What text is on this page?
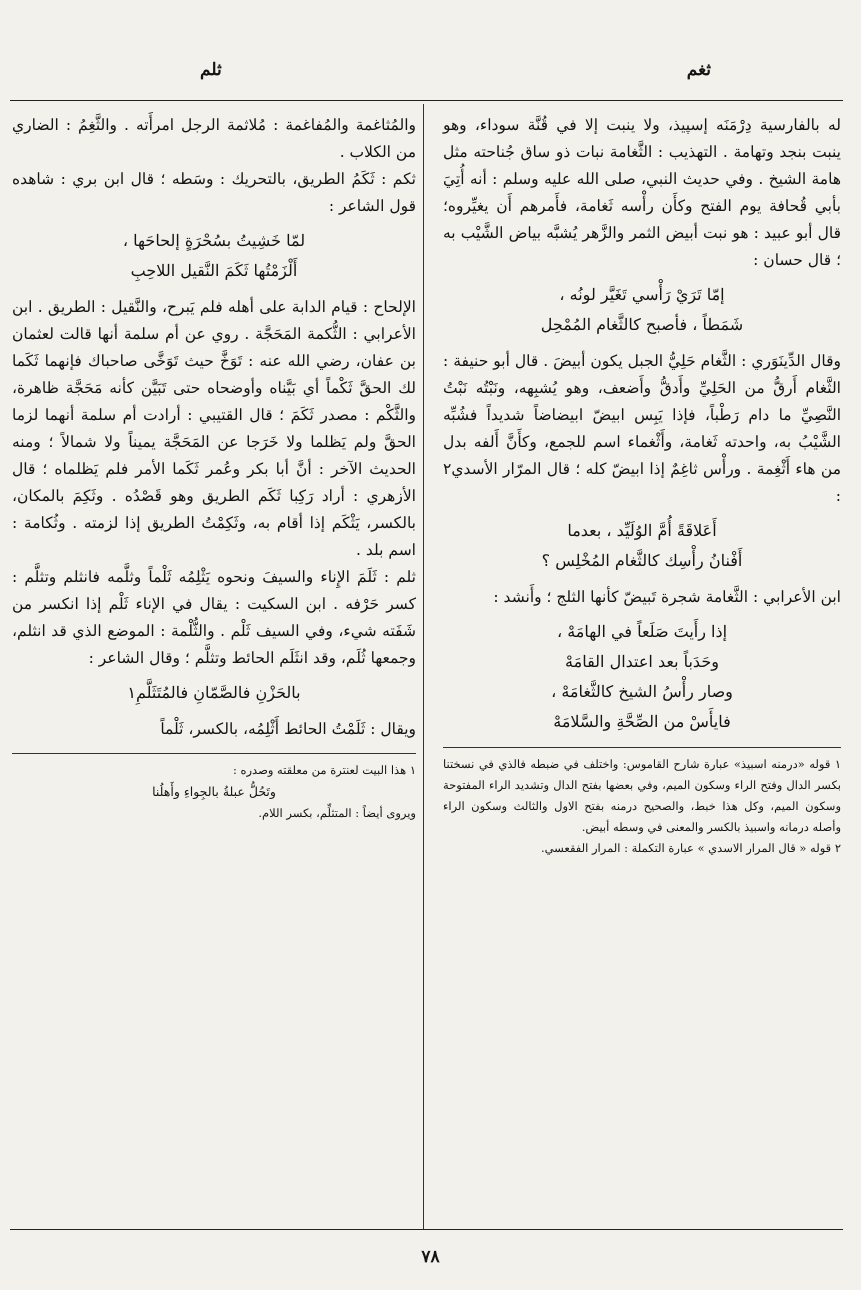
ثغم
ثلم

له بالفارسية دِرْمَنَه إسپيذ، ولا ينبت إلا في قُنَّة سوداء، وهو ينبت بنجد وتهامة . التهذيب : الثَّغامة نبات ذو ساق جُناحته مثل هامة الشيخ . وفي حديث النبي، صلى الله عليه وسلم : أنه أُتِيَ بأبي قُحافة يوم الفتح وكأَن رأْسه ثَغامة، فأَمرهم أَن يغيِّروه؛ قال أبو عبيد : هو نبت أبيض الثمر والزَّهر يُشبَّه بياض الشَّيْب به ؛ قال حسان :

إمّا تَرَيْ رَأْسي تَغَيَّر لونُه ،
شَمَطاً ، فأصبح كالثَّغام المُمْحِل

وقال الدِّينَوَري : الثَّغام حَلِيُّ الجبل يكون أبيضَ . قال أبو حنيفة : الثَّغام أَرقُّ من الحَلِيِّ وأَدقُّ وأَضعف، وهو يُشبِهه، ونَبْتُه نَبْتُ النَّصِيِّ ما دام رَطْباً، فإذا يَبِس ابيضّ ابيضاضاً شديداً فشُبِّه الشَّيْبُ به، واحدته ثَغامة، وأَثْغماء اسم للجمع، وكأَنَّ أَلفه بدل من هاء أَثْغِمة . ورأْس ثاغِمٌ إذا ابيضّ كله ؛ قال المرّار الأسدي٢ :

أَعَلاقَةً أُمَّ الوُلَيِّد ، بعدما
أَفْنانُ رأْسِك كالثَّغام المُخْلِس ؟

ابن الأعرابي : الثَّغامة شجرة تَبيضّ كأنها الثلج ؛ وأَنشد :

إذا رأَيتَ صَلَعاً في الهامَهْ ،
وحَدَباً بعد اعتدال القامَهْ
وصار رأْسُ الشيخ كالثَّغامَهْ ،
فايأَسْ من الصِّحَّةِ والسَّلامَهْ

١ قوله «درمنه اسبيذ» عبارة شارح القاموس: واختلف في ضبطه فالذي في نسختنا بكسر الدال وفتح الراء وسكون الميم، وفي بعضها بفتح الدال وتشديد الراء المفتوحة وسكون الميم، وكل هذا خبط، والصحيح درمنه بفتح الاول والثالث وسكون الراء وأصله درمانه واسبيذ بالكسر والمعنى في وسطه أبيض.

٢ قوله « قال المرار الاسدي » عبارة التكملة : المرار الفقعسي.

والمُثاغمة والمُفاغمة : مُلاثمة الرجل امرأَته . والثَّغِمُ : الضاري من الكلاب .

ثكم : ثَكَمُ الطريق، بالتحريك : وسَطه ؛ قال ابن بري : شاهده قول الشاعر :

لمّا خَشِيتُ بسُحْرَةٍ إلحاحَها ،
أَلْزَمْتُها ثَكَمَ النَّقيل اللاحِبِ

الإلحاح : قيام الدابة على أهله فلم يَبرح، والنَّقيل : الطريق . ابن الأعرابي : الثُّكمة المَحَجَّة . روي عن أم سلمة أنها قالت لعثمان بن عفان، رضي الله عنه : تَوَخَّ حيث تَوَخَّى صاحباك فإنهما ثَكَما لك الحقَّ ثَكْماً أي بَيَّناه وأوضحاه حتى تَبَيَّن كأنه مَحَجَّة ظاهرة، والثَّكْم : مصدر ثَكَمَ ؛ قال القتيبي : أرادت أم سلمة أنهما لزما الحقَّ ولم يَظلما ولا خَرَجا عن المَحَجَّة يميناً ولا شمالاً ؛ ومنه الحديث الآخر : أنَّ أبا بكر وعُمر ثَكَما الأمر فلم يَظلماه ؛ قال الأزهري : أراد رَكِبا ثَكَم الطريق وهو قَصْدُه . وثَكِمَ بالمكان، بالكسر، يَثْكَم إذا أقام به، وثَكِمْتُ الطريق إذا لزمته . وثُكامة : اسم بلد .

ثلم : ثَلَمَ الإِناء والسيفَ ونحوه يَثْلِمُه ثَلْماً وثلَّمه فانثلم وتثلَّم : كسر حَرْفه . ابن السكيت : يقال في الإناء ثَلْم إذا انكسر من شَفَته شيء، وفي السيف ثَلْم . والثُّلْمة : الموضع الذي قد انثلم، وجمعها ثُلَم، وقد انثَلَم الحائط وتثلَّم ؛ وقال الشاعر :

بالحَزْنِ فالصَّمّانِ فالمُتَثَلَّمِ١

ويقال : ثَلَمْتُ الحائط أَثْلِمُه، بالكسر، ثَلْماً

١ هذا البيت لعنترة من معلقته وصدره :

وتَحُلُّ عبلةُ بالجِواءِ وأَهلُنا

ويروى أيضاً : المتثلِّم، بكسر اللام.

٧٨
